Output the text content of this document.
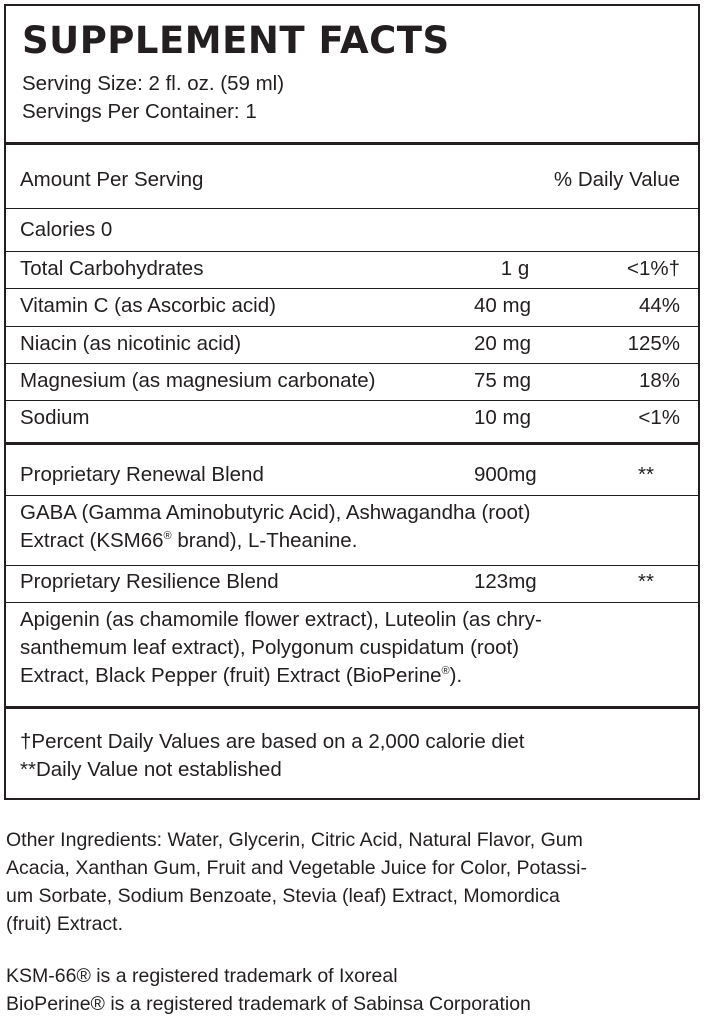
SUPPLEMENT FACTS
Serving Size: 2 fl. oz. (59 ml)
Servings Per Container: 1
Amount Per Serving	% Daily Value
Calories 0
Total Carbohydrates	1 g	<1%†
Vitamin C (as Ascorbic acid)	40 mg	44%
Niacin (as nicotinic acid)	20 mg	125%
Magnesium (as magnesium carbonate)	75 mg	18%
Sodium	10 mg	<1%
Proprietary Renewal Blend	900mg	**
GABA (Gamma Aminobutyric Acid), Ashwagandha (root)
Extract (KSM66® brand), L-Theanine.
Proprietary Resilience Blend	123mg	**
Apigenin (as chamomile flower extract), Luteolin (as chry-
santhemum leaf extract), Polygonum cuspidatum (root)
Extract, Black Pepper (fruit) Extract (BioPerine®).
†Percent Daily Values are based on a 2,000 calorie diet
**Daily Value not established
Other Ingredients: Water, Glycerin, Citric Acid, Natural Flavor, Gum
Acacia, Xanthan Gum, Fruit and Vegetable Juice for Color, Potassi-
um Sorbate, Sodium Benzoate, Stevia (leaf) Extract, Momordica
(fruit) Extract.
KSM-66® is a registered trademark of Ixoreal
BioPerine® is a registered trademark of Sabinsa Corporation
